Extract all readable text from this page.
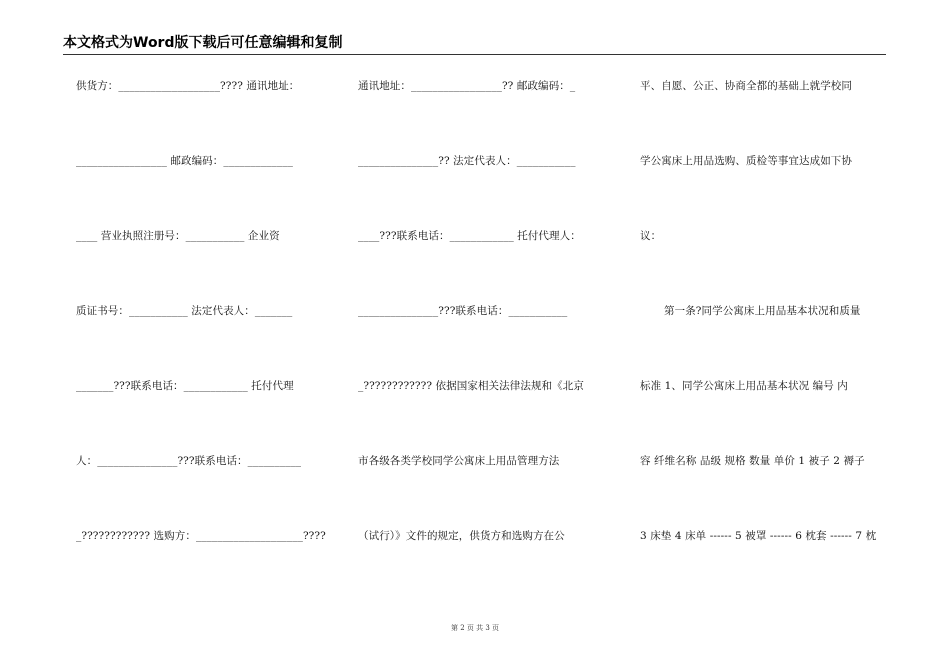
本文格式为Word版下载后可任意编辑和复制
供货方：___________________???? 通讯地址：
_________________ 邮政编码：_____________
____ 营业执照注册号：___________ 企业资
质证书号：___________ 法定代表人：_______
_______???联系电话：____________ 托付代理
人：_______________???联系电话：__________
_???????????? 选购方：____________________????
通讯地址：_________________?? 邮政编码：_
_______________?? 法定代表人：___________
____???联系电话：____________ 托付代理人：
_______________???联系电话：___________
_???????????? 依据国家相关法律法规和《北京
市各级各类学校同学公寓床上用品管理方法
（试行）》文件的规定，供货方和选购方在公
平、自愿、公正、协商全都的基础上就学校同
学公寓床上用品选购、质检等事宜达成如下协
议：
第一条?同学公寓床上用品基本状况和质量
标准 1、同学公寓床上用品基本状况 编号 内
容 纤维名称 品级 规格 数量 单价 1 被子 2 褥子
3 床垫 4 床单 ------ 5 被罩 ------ 6 枕套 ------ 7 枕
第 2 页 共 3 页
